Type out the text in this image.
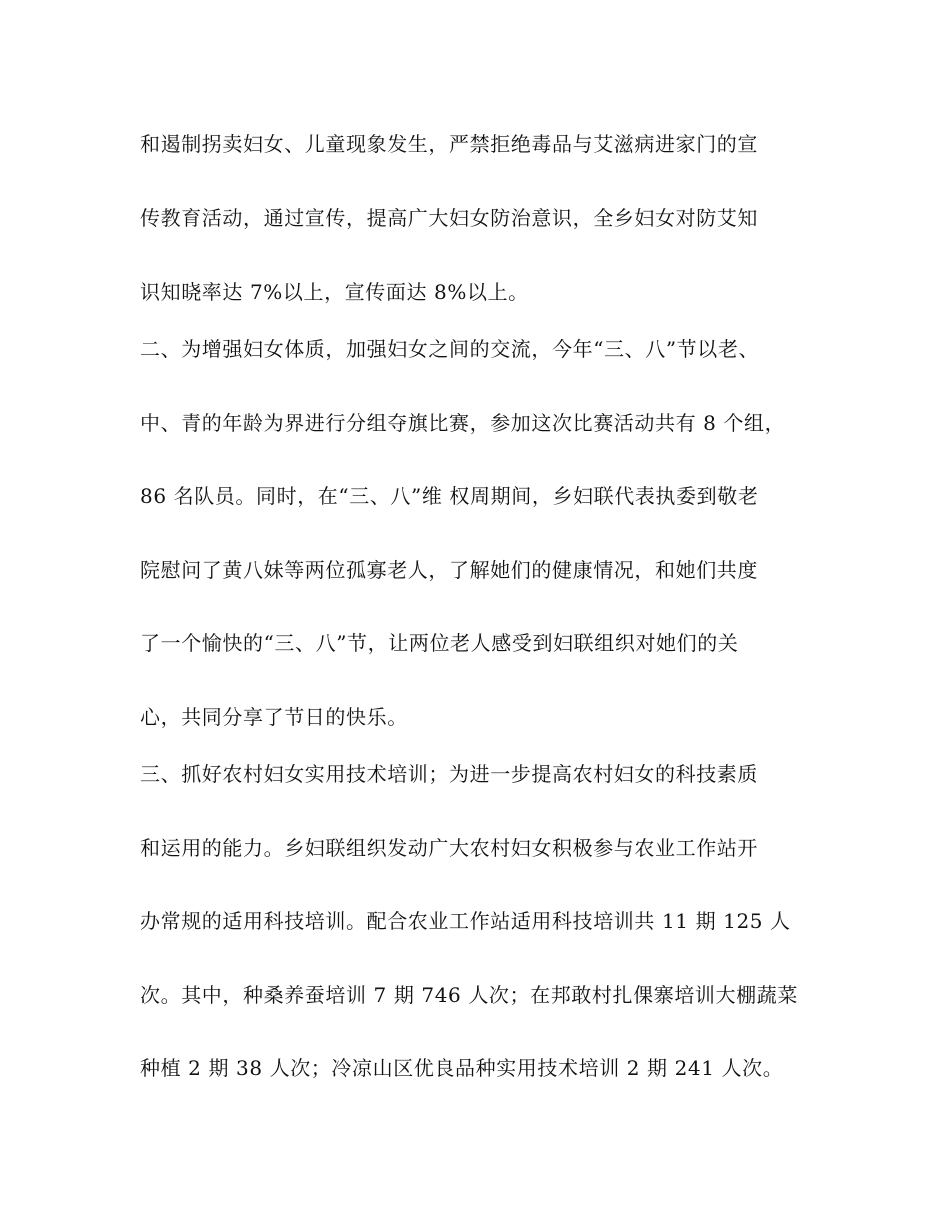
和遏制拐卖妇女、儿童现象发生，严禁拒绝毒品与艾滋病进家门的宣
传教育活动，通过宣传，提高广大妇女防治意识，全乡妇女对防艾知
识知晓率达 7%以上，宣传面达 8%以上。
二、为增强妇女体质，加强妇女之间的交流，今年“三、八”节以老、
中、青的年龄为界进行分组夺旗比赛，参加这次比赛活动共有 8 个组，
86 名队员。同时，在“三、八”维 权周期间，乡妇联代表执委到敬老
院慰问了黄八妹等两位孤寡老人，了解她们的健康情况，和她们共度
了一个愉快的“三、八”节，让两位老人感受到妇联组织对她们的关
心，共同分享了节日的快乐。
三、抓好农村妇女实用技术培训；为进一步提高农村妇女的科技素质
和运用的能力。乡妇联组织发动广大农村妇女积极参与农业工作站开
办常规的适用科技培训。配合农业工作站适用科技培训共 11 期 125 人
次。其中，种桑养蚕培训 7 期 746 人次；在邦敢村扎倮寨培训大棚蔬菜
种植 2 期 38 人次；冷凉山区优良品种实用技术培训 2 期 241 人次。
